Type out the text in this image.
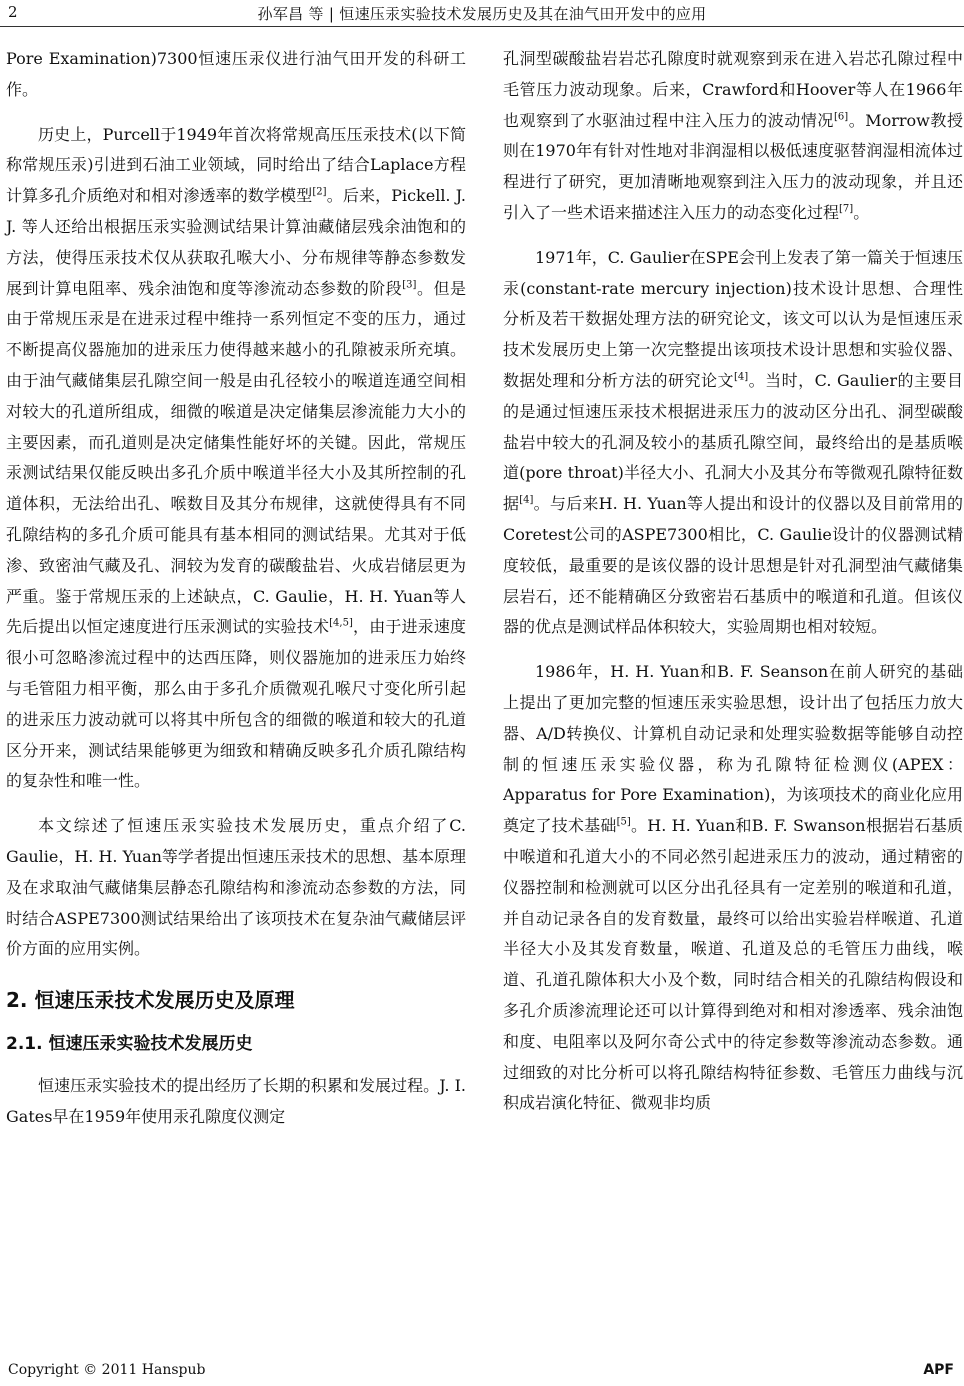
2	孙军昌 等 | 恒速压汞实验技术发展历史及其在油气田开发中的应用

Pore Examination)7300恒速压汞仪进行油气田开发的科研工作。

历史上，Purcell于1949年首次将常规高压压汞技术(以下简称常规压汞)引进到石油工业领域，同时给出了结合Laplace方程计算多孔介质绝对和相对渗透率的数学模型[2]。后来，Pickell. J. J. 等人还给出根据压汞实验测试结果计算油藏储层残余油饱和的方法，使得压汞技术仅从获取孔喉大小、分布规律等静态参数发展到计算电阻率、残余油饱和度等渗流动态参数的阶段[3]。但是由于常规压汞是在进汞过程中维持一系列恒定不变的压力，通过不断提高仪器施加的进汞压力使得越来越小的孔隙被汞所充填。由于油气藏储集层孔隙空间一般是由孔径较小的喉道连通空间相对较大的孔道所组成，细微的喉道是决定储集层渗流能力大小的主要因素，而孔道则是决定储集性能好坏的关键。因此，常规压汞测试结果仅能反映出多孔介质中喉道半径大小及其所控制的孔道体积，无法给出孔、喉数目及其分布规律，这就使得具有不同孔隙结构的多孔介质可能具有基本相同的测试结果。尤其对于低渗、致密油气藏及孔、洞较为发育的碳酸盐岩、火成岩储层更为严重。鉴于常规压汞的上述缺点，C. Gaulie，H. H. Yuan等人先后提出以恒定速度进行压汞测试的实验技术[4,5]，由于进汞速度很小可忽略渗流过程中的达西压降，则仪器施加的进汞压力始终与毛管阻力相平衡，那么由于多孔介质微观孔喉尺寸变化所引起的进汞压力波动就可以将其中所包含的细微的喉道和较大的孔道区分开来，测试结果能够更为细致和精确反映多孔介质孔隙结构的复杂性和唯一性。

本文综述了恒速压汞实验技术发展历史，重点介绍了C. Gaulie，H. H. Yuan等学者提出恒速压汞技术的思想、基本原理及在求取油气藏储集层静态孔隙结构和渗流动态参数的方法，同时结合ASPE7300测试结果给出了该项技术在复杂油气藏储层评价方面的应用实例。

2. 恒速压汞技术发展历史及原理
2.1. 恒速压汞实验技术发展历史

恒速压汞实验技术的提出经历了长期的积累和发展过程。J. I. Gates早在1959年使用汞孔隙度仪测定

孔洞型碳酸盐岩岩芯孔隙度时就观察到汞在进入岩芯孔隙过程中毛管压力波动现象。后来，Crawford和Hoover等人在1966年也观察到了水驱油过程中注入压力的波动情况[6]。Morrow教授则在1970年有针对性地对非润湿相以极低速度驱替润湿相流体过程进行了研究，更加清晰地观察到注入压力的波动现象，并且还引入了一些术语来描述注入压力的动态变化过程[7]。

1971年，C. Gaulier在SPE会刊上发表了第一篇关于恒速压汞(constant-rate mercury injection)技术设计思想、合理性分析及若干数据处理方法的研究论文，该文可以认为是恒速压汞技术发展历史上第一次完整提出该项技术设计思想和实验仪器、数据处理和分析方法的研究论文[4]。当时，C. Gaulier的主要目的是通过恒速压汞技术根据进汞压力的波动区分出孔、洞型碳酸盐岩中较大的孔洞及较小的基质孔隙空间，最终给出的是基质喉道(pore throat)半径大小、孔洞大小及其分布等微观孔隙特征数据[4]。与后来H. H. Yuan等人提出和设计的仪器以及目前常用的Coretest公司的ASPE7300相比，C. Gaulie设计的仪器测试精度较低，最重要的是该仪器的设计思想是针对孔洞型油气藏储集层岩石，还不能精确区分致密岩石基质中的喉道和孔道。但该仪器的优点是测试样品体积较大，实验周期也相对较短。

1986年，H. H. Yuan和B. F. Seanson在前人研究的基础上提出了更加完整的恒速压汞实验思想，设计出了包括压力放大器、A/D转换仪、计算机自动记录和处理实验数据等能够自动控制的恒速压汞实验仪器，称为孔隙特征检测仪(APEX：Apparatus for Pore Examination)，为该项技术的商业化应用奠定了技术基础[5]。H. H. Yuan和B. F. Swanson根据岩石基质中喉道和孔道大小的不同必然引起进汞压力的波动，通过精密的仪器控制和检测就可以区分出孔径具有一定差别的喉道和孔道，并自动记录各自的发育数量，最终可以给出实验岩样喉道、孔道半径大小及其发育数量，喉道、孔道及总的毛管压力曲线，喉道、孔道孔隙体积大小及个数，同时结合相关的孔隙结构假设和多孔介质渗流理论还可以计算得到绝对和相对渗透率、残余油饱和度、电阻率以及阿尔奇公式中的待定参数等渗流动态参数。通过细致的对比分析可以将孔隙结构特征参数、毛管压力曲线与沉积成岩演化特征、微观非均质

Copyright © 2011 Hanspub	APF
